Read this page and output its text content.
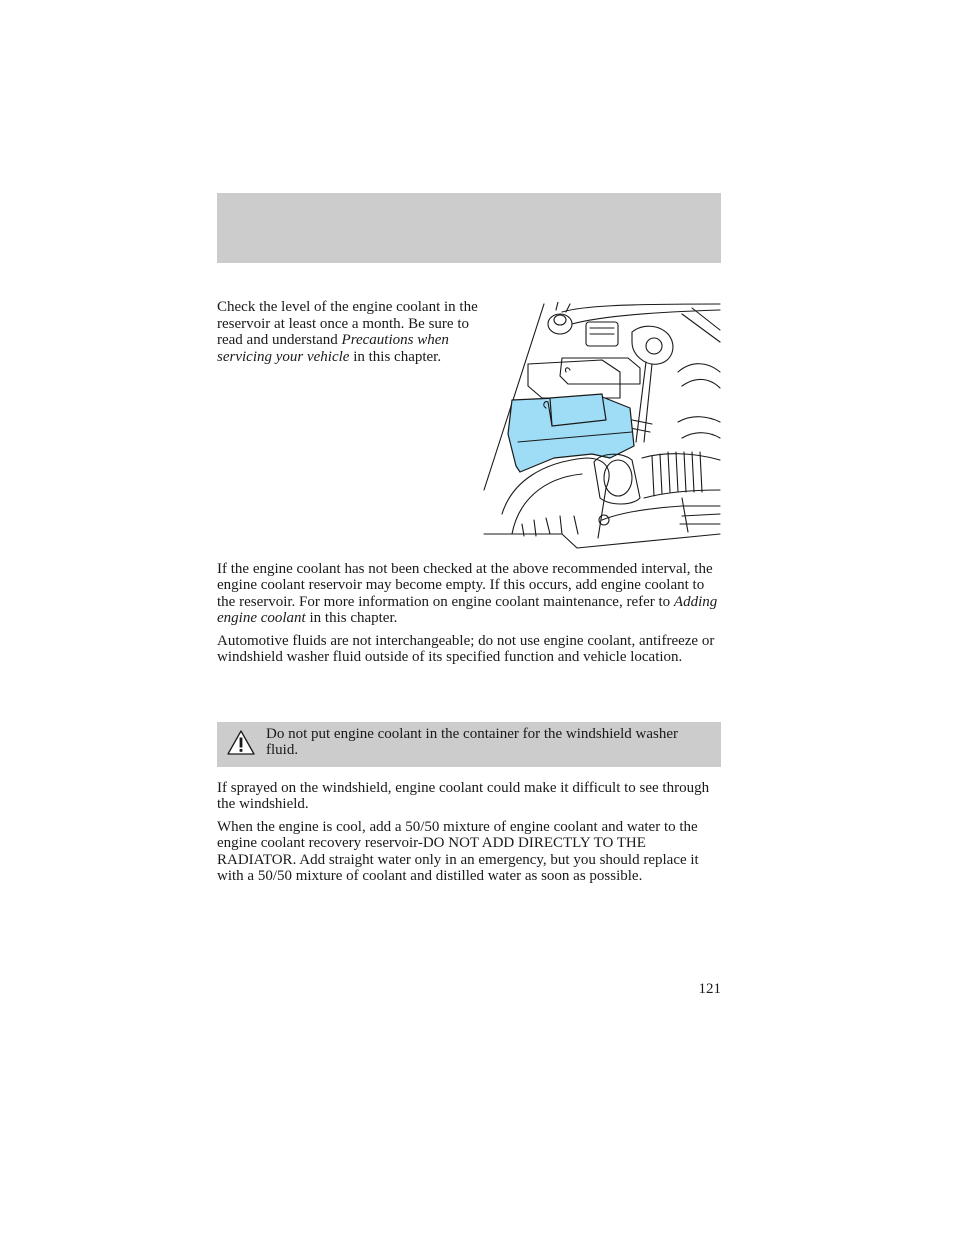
Check the level of the engine coolant in the reservoir at least once a month. Be sure to read and understand Precautions when servicing your vehicle in this chapter.

If the engine coolant has not been checked at the above recommended interval, the engine coolant reservoir may become empty. If this occurs, add engine coolant to the reservoir. For more information on engine coolant maintenance, refer to Adding engine coolant in this chapter.

Automotive fluids are not interchangeable; do not use engine coolant, antifreeze or windshield washer fluid outside of its specified function and vehicle location.

Do not put engine coolant in the container for the windshield washer fluid.

If sprayed on the windshield, engine coolant could make it difficult to see through the windshield.

When the engine is cool, add a 50/50 mixture of engine coolant and water to the engine coolant recovery reservoir-DO NOT ADD DIRECTLY TO THE RADIATOR. Add straight water only in an emergency, but you should replace it with a 50/50 mixture of coolant and distilled water as soon as possible.

121
